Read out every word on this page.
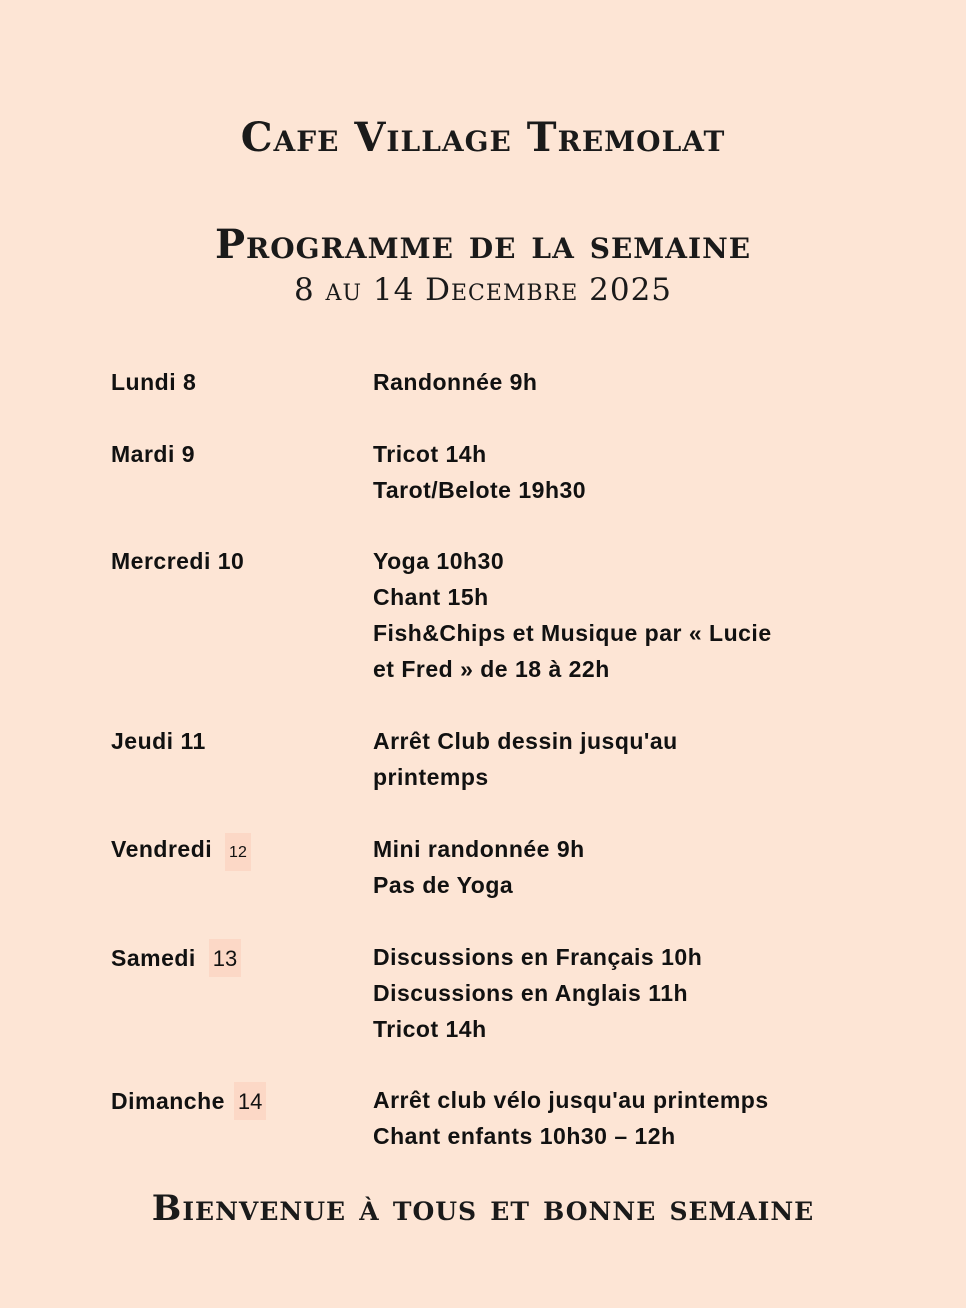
Cafe Village Tremolat
Programme de la semaine
8 au 14 Decembre 2025
Lundi 8	Randonnée 9h
Mardi 9	Tricot 14h
Tarot/Belote 19h30
Mercredi 10	Yoga 10h30
Chant 15h
Fish&Chips et Musique par « Lucie
et Fred » de 18 à 22h
Jeudi 11	Arrêt Club dessin jusqu'au
printemps
Vendredi 12	Mini randonnée 9h
Pas de Yoga
Samedi 13	Discussions en Français 10h
Discussions en Anglais 11h
Tricot 14h
Dimanche 14	Arrêt club vélo jusqu'au printemps
Chant enfants 10h30 – 12h
Bienvenue à tous et bonne semaine
